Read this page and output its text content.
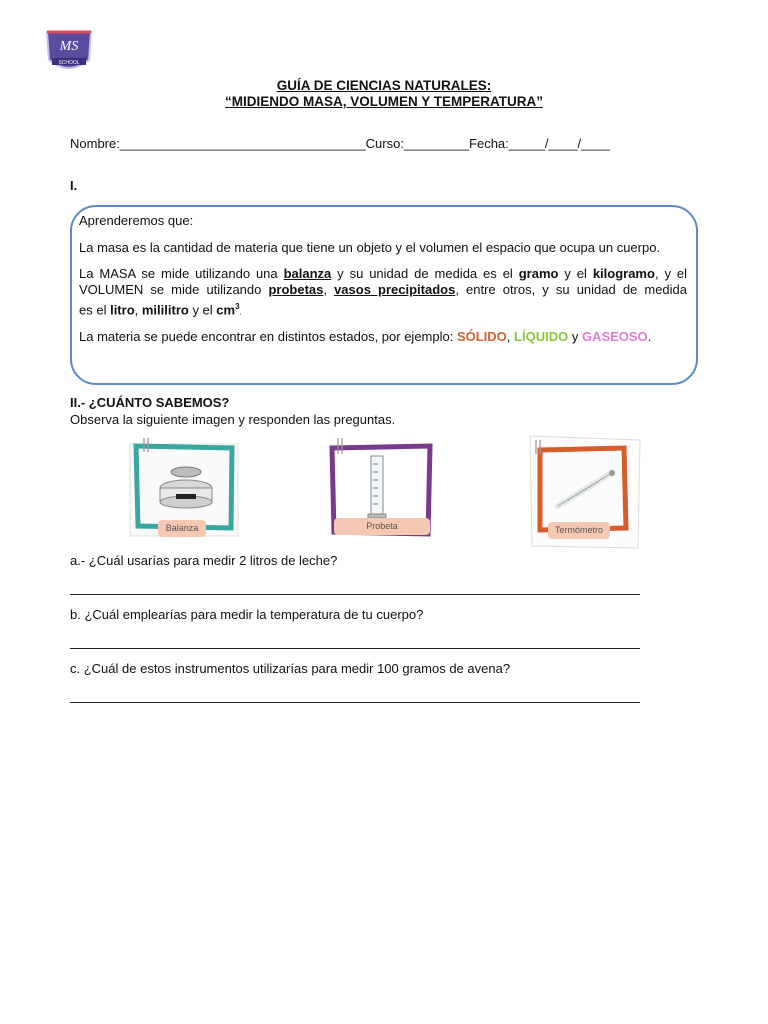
MS
SCHOOL
GUÍA DE CIENCIAS NATURALES:
“MIDIENDO MASA, VOLUMEN Y TEMPERATURA”
Nombre:__________________________________Curso:_________Fecha:_____/____/____
I.
Aprenderemos que:
La masa es la cantidad de materia que tiene un objeto y el volumen el espacio que ocupa un cuerpo.
La MASA se mide utilizando una balanza y su unidad de medida es el gramo y el kilogramo, y el
VOLUMEN se mide utilizando probetas, vasos precipitados, entre otros, y su unidad de medida
es el litro, mililitro y el $cm^3$.
La materia se puede encontrar en distintos estados, por ejemplo: SÓLIDO, LÍQUIDO y GASEOSO.
II.- ¿CUÁNTO SABEMOS?
Observa la siguiente imagen y responden las preguntas.
Balanza	Probeta	Termómetro
a.- ¿Cuál usarías para medir 2 litros de leche?
b. ¿Cuál emplearías para medir la temperatura de tu cuerpo?
c. ¿Cuál de estos instrumentos utilizarías para medir 100 gramos de avena?
